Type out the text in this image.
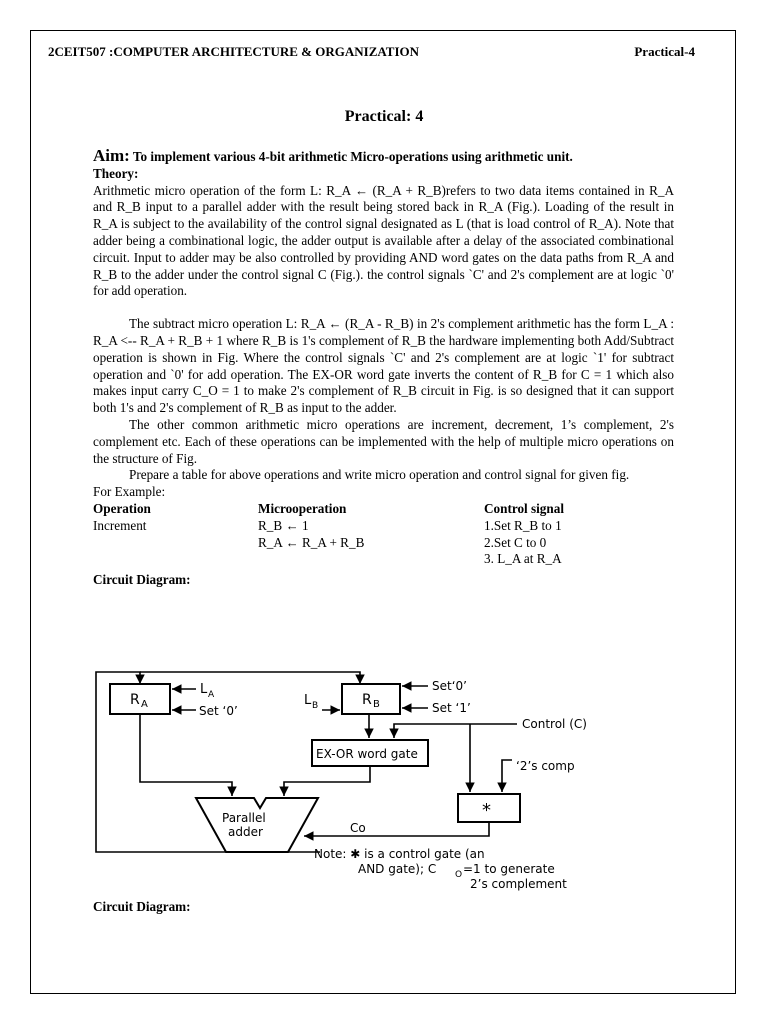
2CEIT507 :COMPUTER ARCHITECTURE & ORGANIZATION	Practical-4
Practical: 4
Aim: To implement various 4-bit arithmetic Micro-operations using arithmetic unit.
Theory:

Arithmetic micro operation of the form L: R_A ← (R_A + R_B)refers to two data items contained in R_A and R_B input to a parallel adder with the result being stored back in R_A (Fig.). Loading of the result in R_A is subject to the availability of the control signal designated as L (that is load control of R_A). Note that adder being a combinational logic, the adder output is available after a delay of the associated combinational circuit. Input to adder may be also controlled by providing AND word gates on the data paths from R_A and R_B to the adder under the control signal C (Fig.). the control signals `C' and 2's complement are at logic `0' for add operation.

The subtract micro operation L: R_A ← (R_A - R_B) in 2's complement arithmetic has the form L_A : R_A <-- R_A + R_B + 1 where R_B is 1's complement of R_B the hardware implementing both Add/Subtract operation is shown in Fig. Where the control signals `C' and 2's complement are at logic `1' for subtract operation and `0' for add operation. The EX-OR word gate inverts the content of R_B for C = 1 which also makes input carry C_O = 1 to make 2's complement of R_B circuit in Fig. is so designed that it can support both 1's and 2's complement of R_B as input to the adder.

The other common arithmetic micro operations are increment, decrement, 1’s complement, 2's complement etc. Each of these operations can be implemented with the help of multiple micro operations on the structure of Fig.

Prepare a table for above operations and write micro operation and control signal for given fig.

For Example:
Operation	Microoperation	Control signal
Increment	R_B ← 1	1.Set R_B to 1
	R_A ← R_A + R_B	2.Set C to 0
		3. L_A at R_A
Circuit Diagram:
R A
L A
Set ‘0’
R B
L B
Set‘0’
Set ‘1’
Control (C)
EX-OR word gate
‘2’s comp
*
Parallel
adder	Co
Note: ✱ is a control gate (an
AND gate); C O =1 to generate
2’s complement
Circuit Diagram:
